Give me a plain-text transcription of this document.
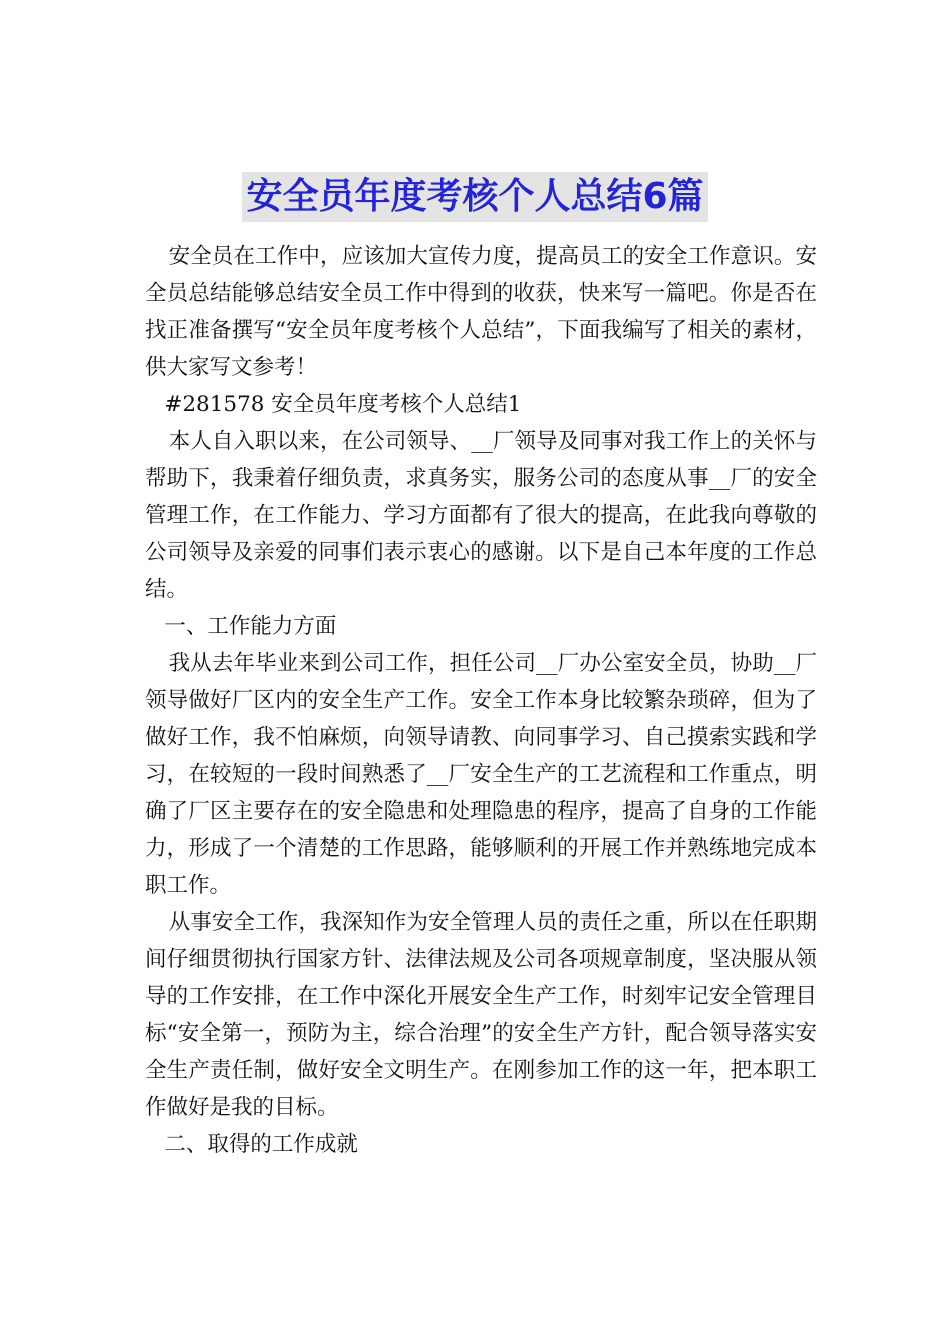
安全员年度考核个人总结6篇

安全员在工作中，应该加大宣传力度，提高员工的安全工作意识。安全员总结能够总结安全员工作中得到的收获，快来写一篇吧。你是否在找正准备撰写“安全员年度考核个人总结”，下面我编写了相关的素材，供大家写文参考！

#281578 安全员年度考核个人总结1

本人自入职以来，在公司领导、__厂领导及同事对我工作上的关怀与帮助下，我秉着仔细负责，求真务实，服务公司的态度从事__厂的安全管理工作，在工作能力、学习方面都有了很大的提高，在此我向尊敬的公司领导及亲爱的同事们表示衷心的感谢。以下是自己本年度的工作总结。

一、工作能力方面

我从去年毕业来到公司工作，担任公司__厂办公室安全员，协助__厂领导做好厂区内的安全生产工作。安全工作本身比较繁杂琐碎，但为了做好工作，我不怕麻烦，向领导请教、向同事学习、自己摸索实践和学习，在较短的一段时间熟悉了__厂安全生产的工艺流程和工作重点，明确了厂区主要存在的安全隐患和处理隐患的程序，提高了自身的工作能力，形成了一个清楚的工作思路，能够顺利的开展工作并熟练地完成本职工作。

从事安全工作，我深知作为安全管理人员的责任之重，所以在任职期间仔细贯彻执行国家方针、法律法规及公司各项规章制度，坚决服从领导的工作安排，在工作中深化开展安全生产工作，时刻牢记安全管理目标“安全第一，预防为主，综合治理”的安全生产方针，配合领导落实安全生产责任制，做好安全文明生产。在刚参加工作的这一年，把本职工作做好是我的目标。

二、取得的工作成就
